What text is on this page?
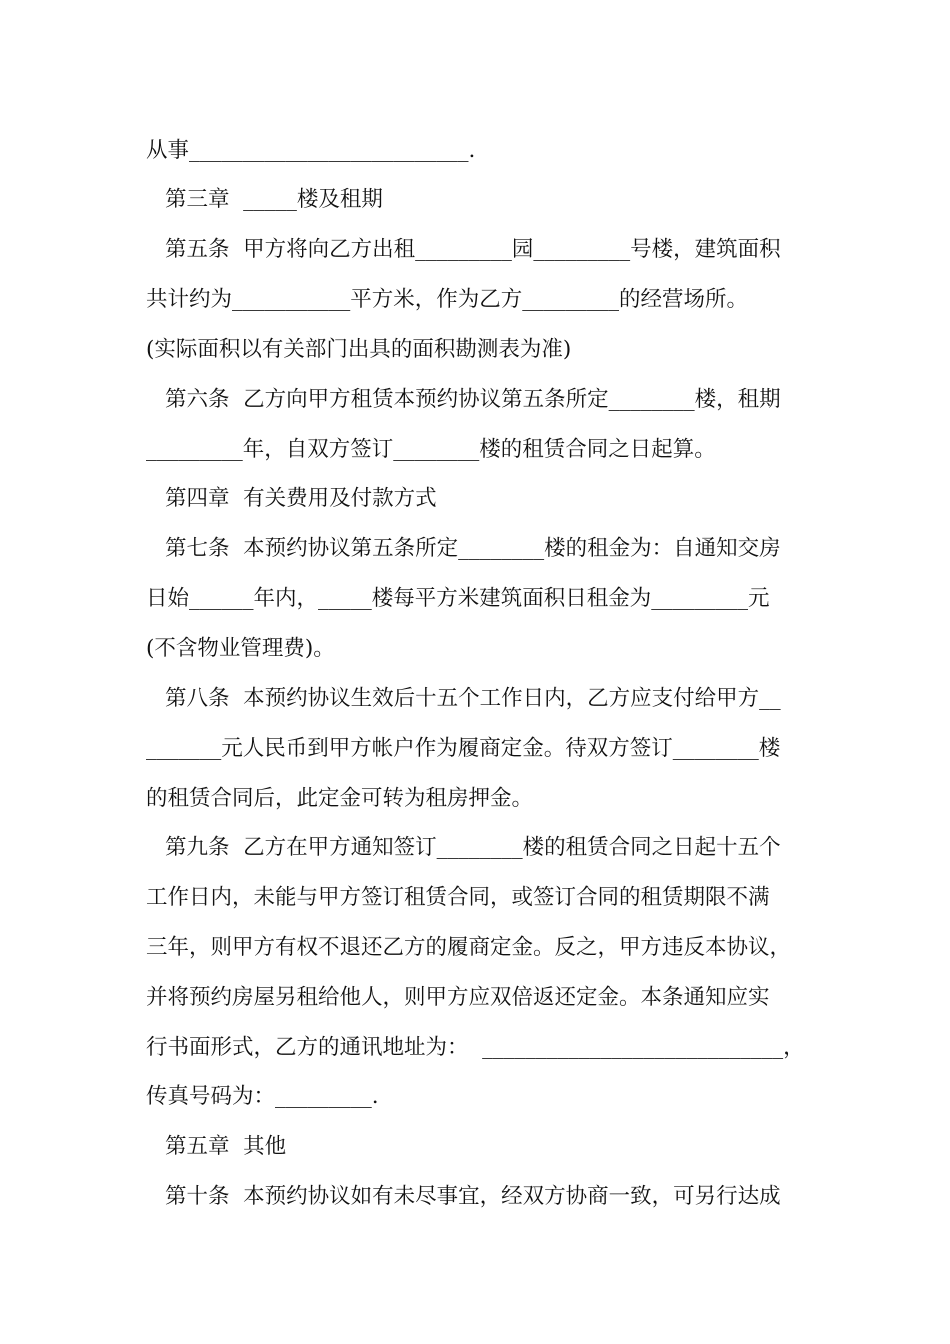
从事__________________________.
第三章  _____楼及租期
第五条  甲方将向乙方出租_________园_________号楼，建筑面积
共计约为___________平方米，作为乙方_________的经营场所。
(实际面积以有关部门出具的面积勘测表为准)
第六条  乙方向甲方租赁本预约协议第五条所定________楼，租期
_________年，自双方签订________楼的租赁合同之日起算。
第四章  有关费用及付款方式
第七条  本预约协议第五条所定________楼的租金为：自通知交房
日始______年内，_____楼每平方米建筑面积日租金为_________元
(不含物业管理费)。
第八条  本预约协议生效后十五个工作日内，乙方应支付给甲方__
_______元人民币到甲方帐户作为履商定金。待双方签订________楼
的租赁合同后，此定金可转为租房押金。
第九条  乙方在甲方通知签订________楼的租赁合同之日起十五个
工作日内，未能与甲方签订租赁合同，或签订合同的租赁期限不满
三年，则甲方有权不退还乙方的履商定金。反之，甲方违反本协议，
并将预约房屋另租给他人，则甲方应双倍返还定金。本条通知应实
行书面形式，乙方的通讯地址为：  ____________________________，
传真号码为：_________.
第五章  其他
第十条  本预约协议如有未尽事宜，经双方协商一致，可另行达成
